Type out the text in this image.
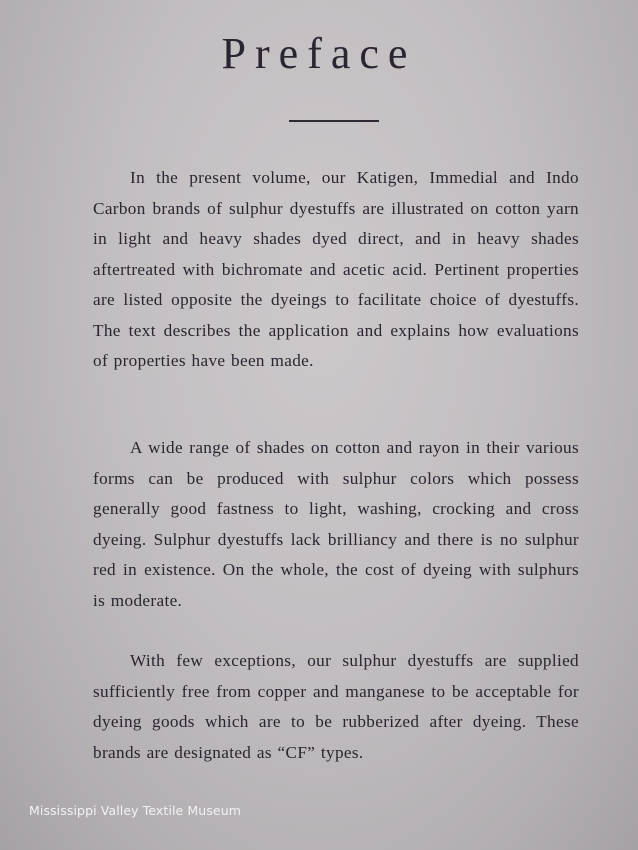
Preface

In the present volume, our Katigen, Immedial and Indo Carbon brands of sulphur dyestuffs are illustrated on cotton yarn in light and heavy shades dyed direct, and in heavy shades aftertreated with bichromate and acetic acid. Pertinent properties are listed opposite the dyeings to facilitate choice of dyestuffs. The text describes the application and explains how evaluations of properties have been made.

A wide range of shades on cotton and rayon in their various forms can be produced with sulphur colors which possess generally good fastness to light, washing, crocking and cross dyeing. Sulphur dyestuffs lack brilliancy and there is no sulphur red in existence. On the whole, the cost of dyeing with sulphurs is moderate.

With few exceptions, our sulphur dyestuffs are supplied sufficiently free from copper and manganese to be acceptable for dyeing goods which are to be rubberized after dyeing. These brands are designated as “CF” types.

Mississippi Valley Textile Museum
